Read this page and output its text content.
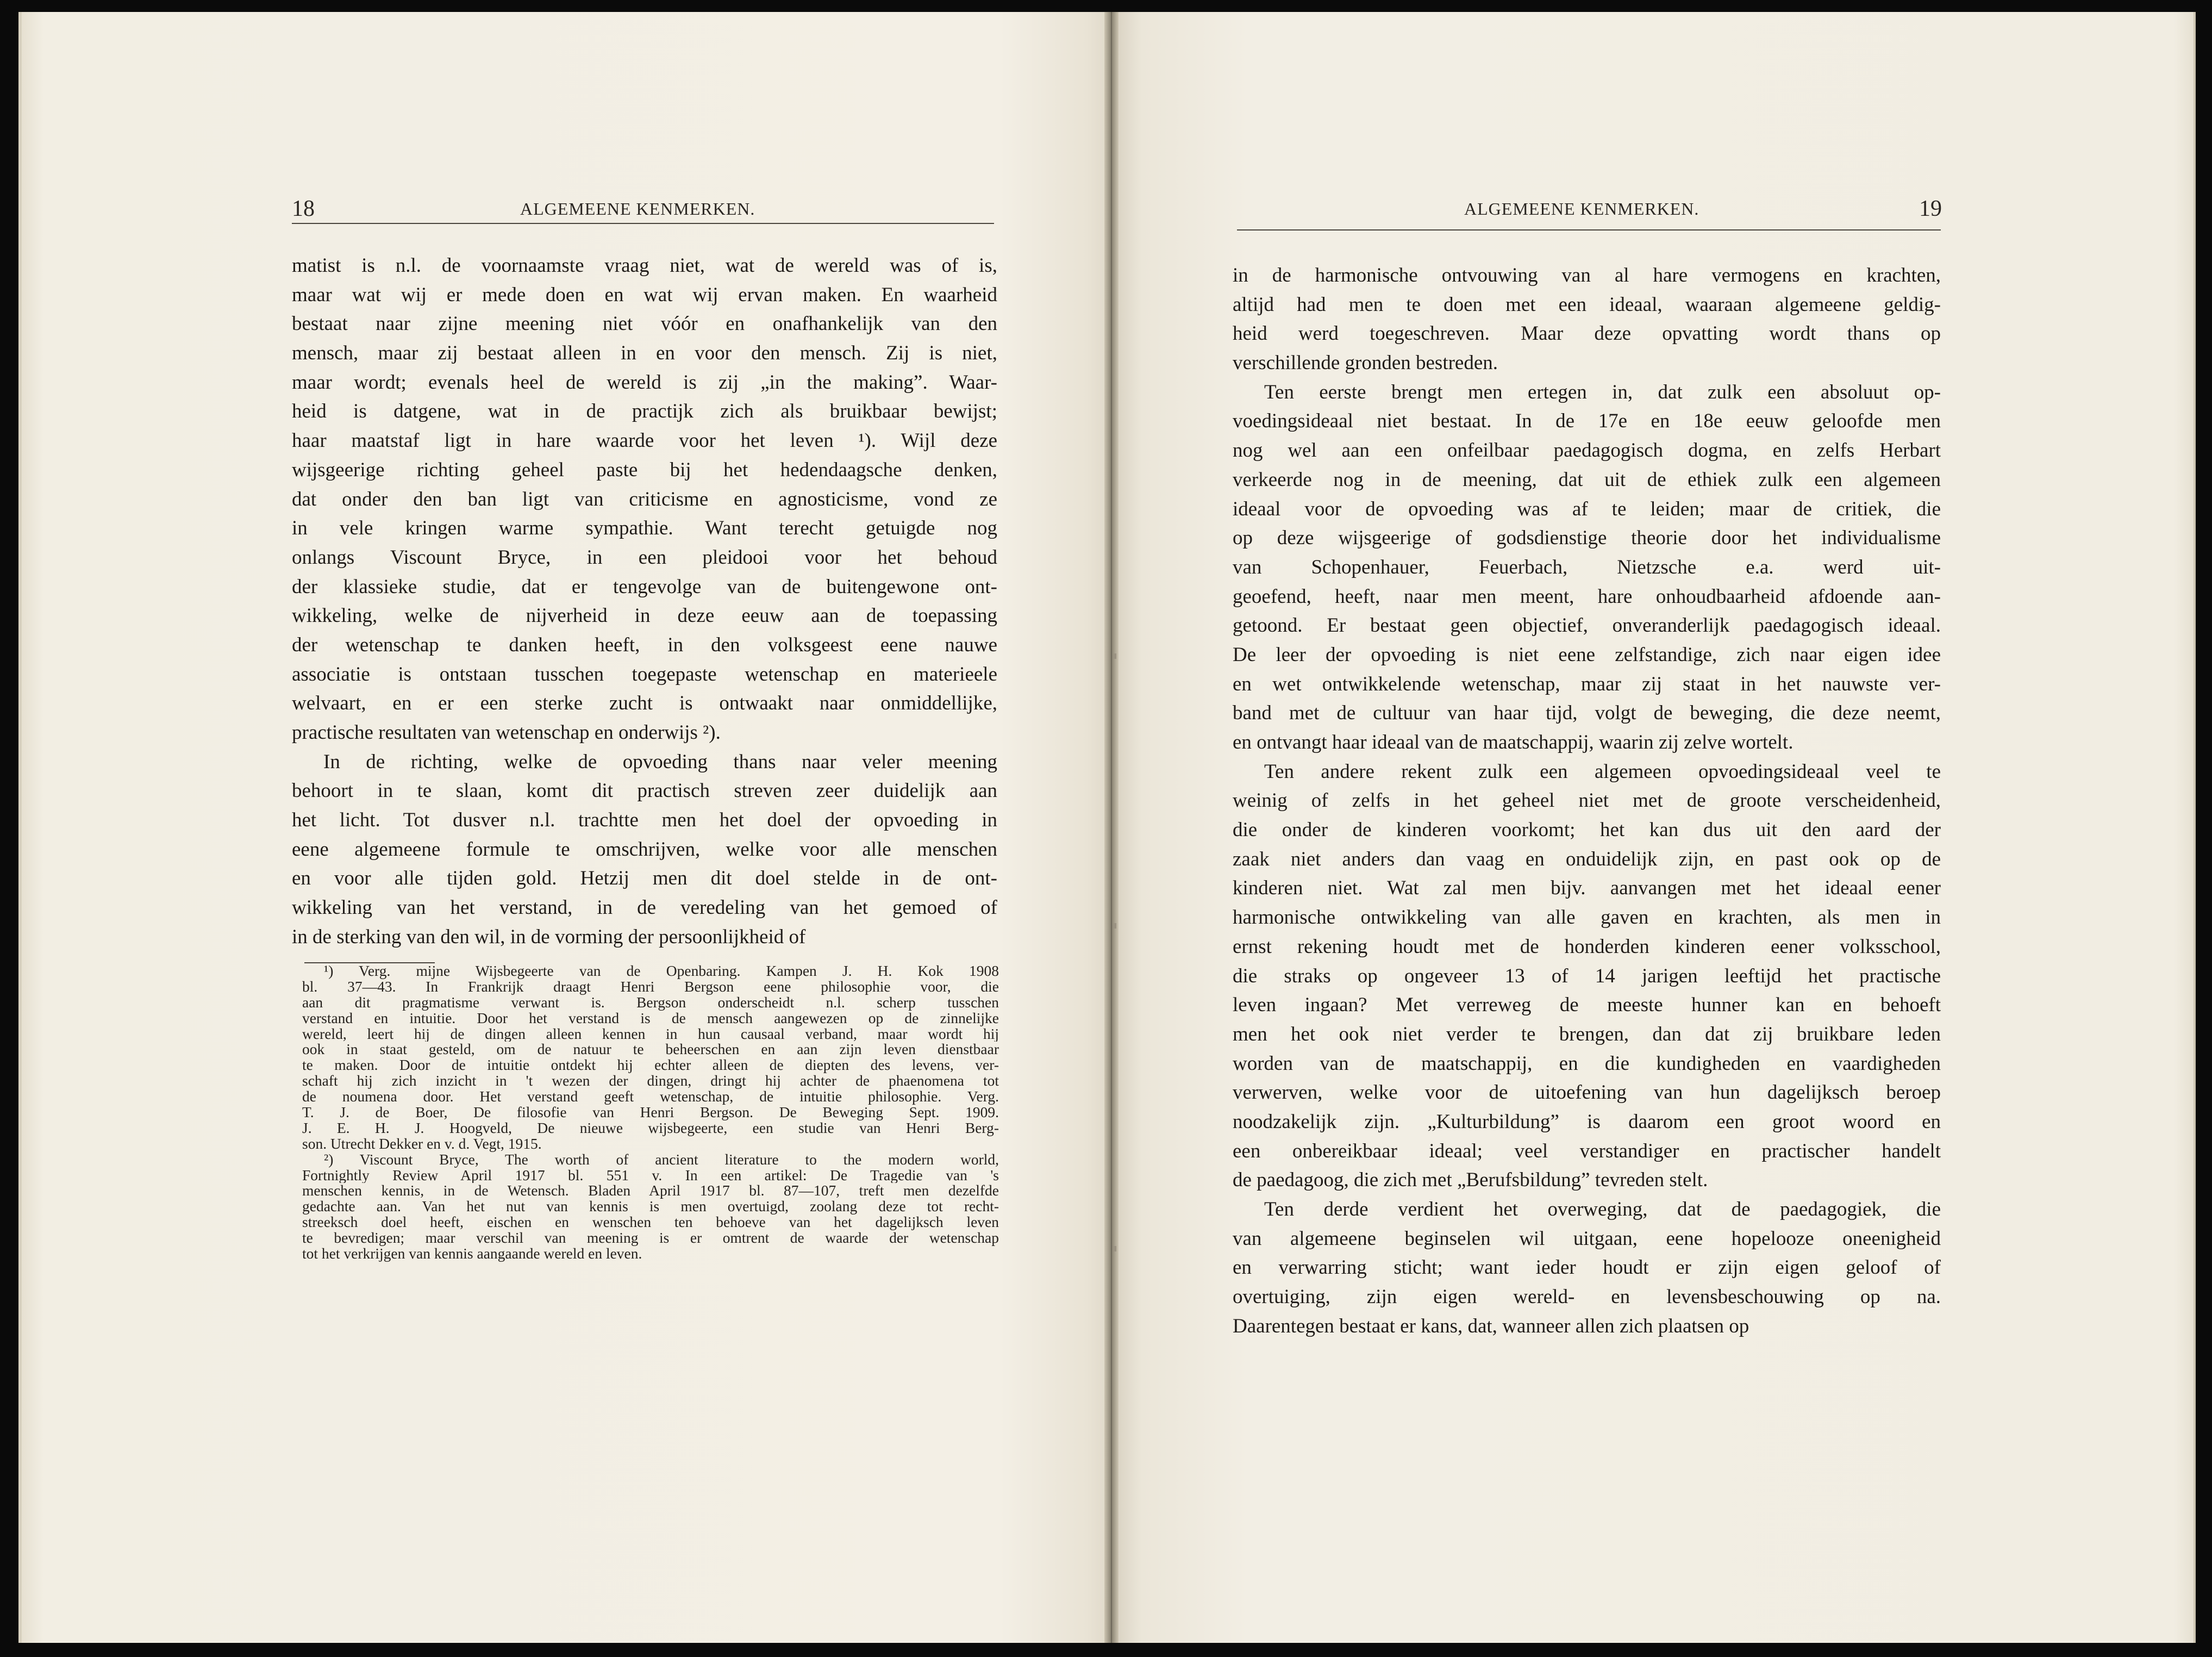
18	ALGEMEENE KENMERKEN.
matist is n.l. de voornaamste vraag niet, wat de wereld was of is,
maar wat wij er mede doen en wat wij ervan maken. En waarheid
bestaat naar zijne meening niet vóór en onafhankelijk van den
mensch, maar zij bestaat alleen in en voor den mensch. Zij is niet,
maar wordt; evenals heel de wereld is zij „in the making”. Waar-
heid is datgene, wat in de practijk zich als bruikbaar bewijst;
haar maatstaf ligt in hare waarde voor het leven ¹). Wijl deze
wijsgeerige richting geheel paste bij het hedendaagsche denken,
dat onder den ban ligt van criticisme en agnosticisme, vond ze
in vele kringen warme sympathie. Want terecht getuigde nog
onlangs Viscount Bryce, in een pleidooi voor het behoud
der klassieke studie, dat er tengevolge van de buitengewone ont-
wikkeling, welke de nijverheid in deze eeuw aan de toepassing
der wetenschap te danken heeft, in den volksgeest eene nauwe
associatie is ontstaan tusschen toegepaste wetenschap en materieele
welvaart, en er een sterke zucht is ontwaakt naar onmiddellijke,
practische resultaten van wetenschap en onderwijs ²).
In de richting, welke de opvoeding thans naar veler meening
behoort in te slaan, komt dit practisch streven zeer duidelijk aan
het licht. Tot dusver n.l. trachtte men het doel der opvoeding in
eene algemeene formule te omschrijven, welke voor alle menschen
en voor alle tijden gold. Hetzij men dit doel stelde in de ont-
wikkeling van het verstand, in de veredeling van het gemoed of
in de sterking van den wil, in de vorming der persoonlijkheid of
¹) Verg. mijne Wijsbegeerte van de Openbaring. Kampen J. H. Kok 1908
bl. 37—43. In Frankrijk draagt Henri Bergson eene philosophie voor, die
aan dit pragmatisme verwant is. Bergson onderscheidt n.l. scherp tusschen
verstand en intuitie. Door het verstand is de mensch aangewezen op de zinnelijke
wereld, leert hij de dingen alleen kennen in hun causaal verband, maar wordt hij
ook in staat gesteld, om de natuur te beheerschen en aan zijn leven dienstbaar
te maken. Door de intuitie ontdekt hij echter alleen de diepten des levens, ver-
schaft hij zich inzicht in 't wezen der dingen, dringt hij achter de phaenomena tot
de noumena door. Het verstand geeft wetenschap, de intuitie philosophie. Verg.
T. J. de Boer, De filosofie van Henri Bergson. De Beweging Sept. 1909.
J. E. H. J. Hoogveld, De nieuwe wijsbegeerte, een studie van Henri Berg-
son. Utrecht Dekker en v. d. Vegt, 1915.
²) Viscount Bryce, The worth of ancient literature to the modern world,
Fortnightly Review April 1917 bl. 551 v. In een artikel: De Tragedie van 's
menschen kennis, in de Wetensch. Bladen April 1917 bl. 87—107, treft men dezelfde
gedachte aan. Van het nut van kennis is men overtuigd, zoolang deze tot recht-
streeksch doel heeft, eischen en wenschen ten behoeve van het dagelijksch leven
te bevredigen; maar verschil van meening is er omtrent de waarde der wetenschap
tot het verkrijgen van kennis aangaande wereld en leven.
ALGEMEENE KENMERKEN.	19
in de harmonische ontvouwing van al hare vermogens en krachten,
altijd had men te doen met een ideaal, waaraan algemeene geldig-
heid werd toegeschreven. Maar deze opvatting wordt thans op
verschillende gronden bestreden.
Ten eerste brengt men ertegen in, dat zulk een absoluut op-
voedingsideaal niet bestaat. In de 17e en 18e eeuw geloofde men
nog wel aan een onfeilbaar paedagogisch dogma, en zelfs Herbart
verkeerde nog in de meening, dat uit de ethiek zulk een algemeen
ideaal voor de opvoeding was af te leiden; maar de critiek, die
op deze wijsgeerige of godsdienstige theorie door het individualisme
van Schopenhauer, Feuerbach, Nietzsche e.a. werd uit-
geoefend, heeft, naar men meent, hare onhoudbaarheid afdoende aan-
getoond. Er bestaat geen objectief, onveranderlijk paedagogisch ideaal.
De leer der opvoeding is niet eene zelfstandige, zich naar eigen idee
en wet ontwikkelende wetenschap, maar zij staat in het nauwste ver-
band met de cultuur van haar tijd, volgt de beweging, die deze neemt,
en ontvangt haar ideaal van de maatschappij, waarin zij zelve wortelt.
Ten andere rekent zulk een algemeen opvoedingsideaal veel te
weinig of zelfs in het geheel niet met de groote verscheidenheid,
die onder de kinderen voorkomt; het kan dus uit den aard der
zaak niet anders dan vaag en onduidelijk zijn, en past ook op de
kinderen niet. Wat zal men bijv. aanvangen met het ideaal eener
harmonische ontwikkeling van alle gaven en krachten, als men in
ernst rekening houdt met de honderden kinderen eener volksschool,
die straks op ongeveer 13 of 14 jarigen leeftijd het practische
leven ingaan? Met verreweg de meeste hunner kan en behoeft
men het ook niet verder te brengen, dan dat zij bruikbare leden
worden van de maatschappij, en die kundigheden en vaardigheden
verwerven, welke voor de uitoefening van hun dagelijksch beroep
noodzakelijk zijn. „Kulturbildung” is daarom een groot woord en
een onbereikbaar ideaal; veel verstandiger en practischer handelt
de paedagoog, die zich met „Berufsbildung” tevreden stelt.
Ten derde verdient het overweging, dat de paedagogiek, die
van algemeene beginselen wil uitgaan, eene hopelooze oneenigheid
en verwarring sticht; want ieder houdt er zijn eigen geloof of
overtuiging, zijn eigen wereld- en levensbeschouwing op na.
Daarentegen bestaat er kans, dat, wanneer allen zich plaatsen op
